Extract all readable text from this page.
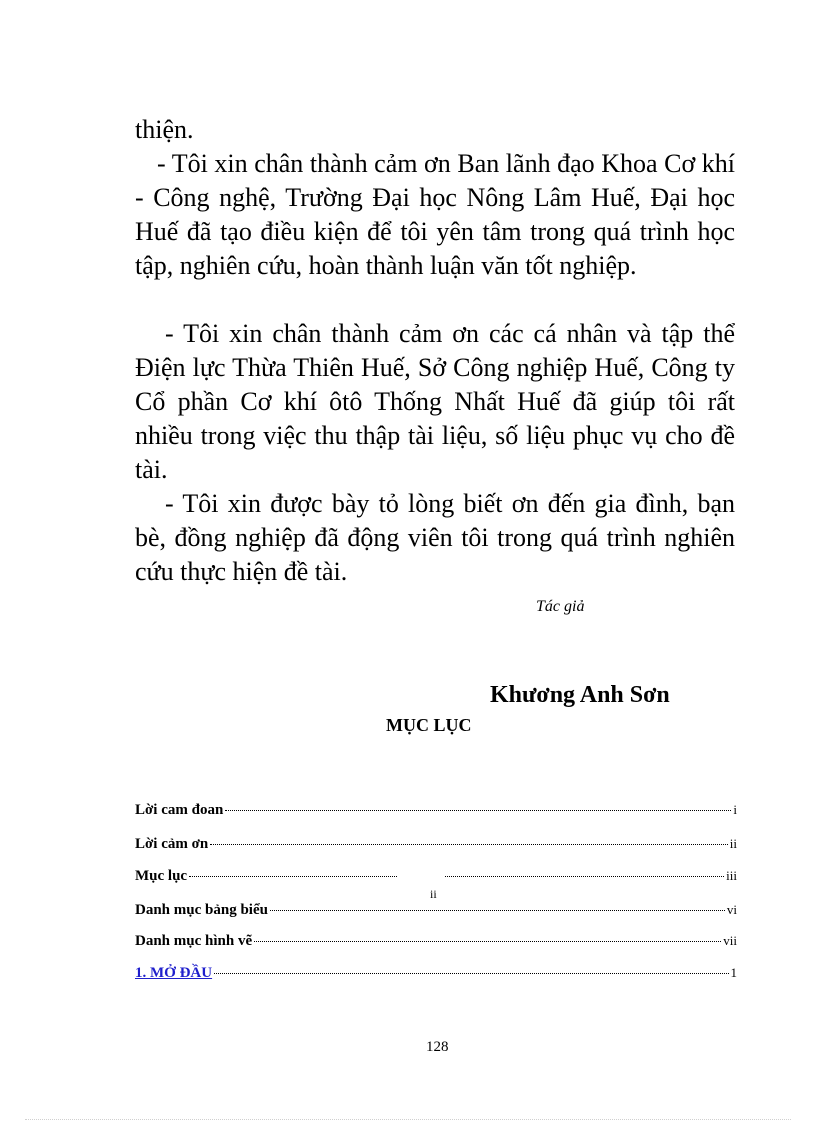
thiện.
- Tôi xin chân thành cảm ơn Ban lãnh đạo Khoa Cơ khí - Công nghệ, Trường Đại học Nông Lâm Huế, Đại học Huế đã tạo điều kiện để tôi yên tâm trong quá trình học tập, nghiên cứu, hoàn thành luận văn tốt nghiệp.
- Tôi xin chân thành cảm ơn các cá nhân và tập thể Điện lực Thừa Thiên Huế, Sở Công nghiệp Huế, Công ty Cổ phần Cơ khí ôtô Thống Nhất Huế đã giúp tôi rất nhiều trong việc thu thập tài liệu, số liệu phục vụ cho đề tài.
- Tôi xin được bày tỏ lòng biết ơn đến gia đình, bạn bè, đồng nghiệp đã động viên tôi trong quá trình nghiên cứu thực hiện đề tài.
Tác giả
Khương Anh Sơn
MỤC LỤC
Lời cam đoan	i
Lời cảm ơn	ii
Mục lục	iii
Danh mục bảng biểu	vi
Danh mục hình vẽ	vii
1. MỞ ĐẦU	1
ii
128
